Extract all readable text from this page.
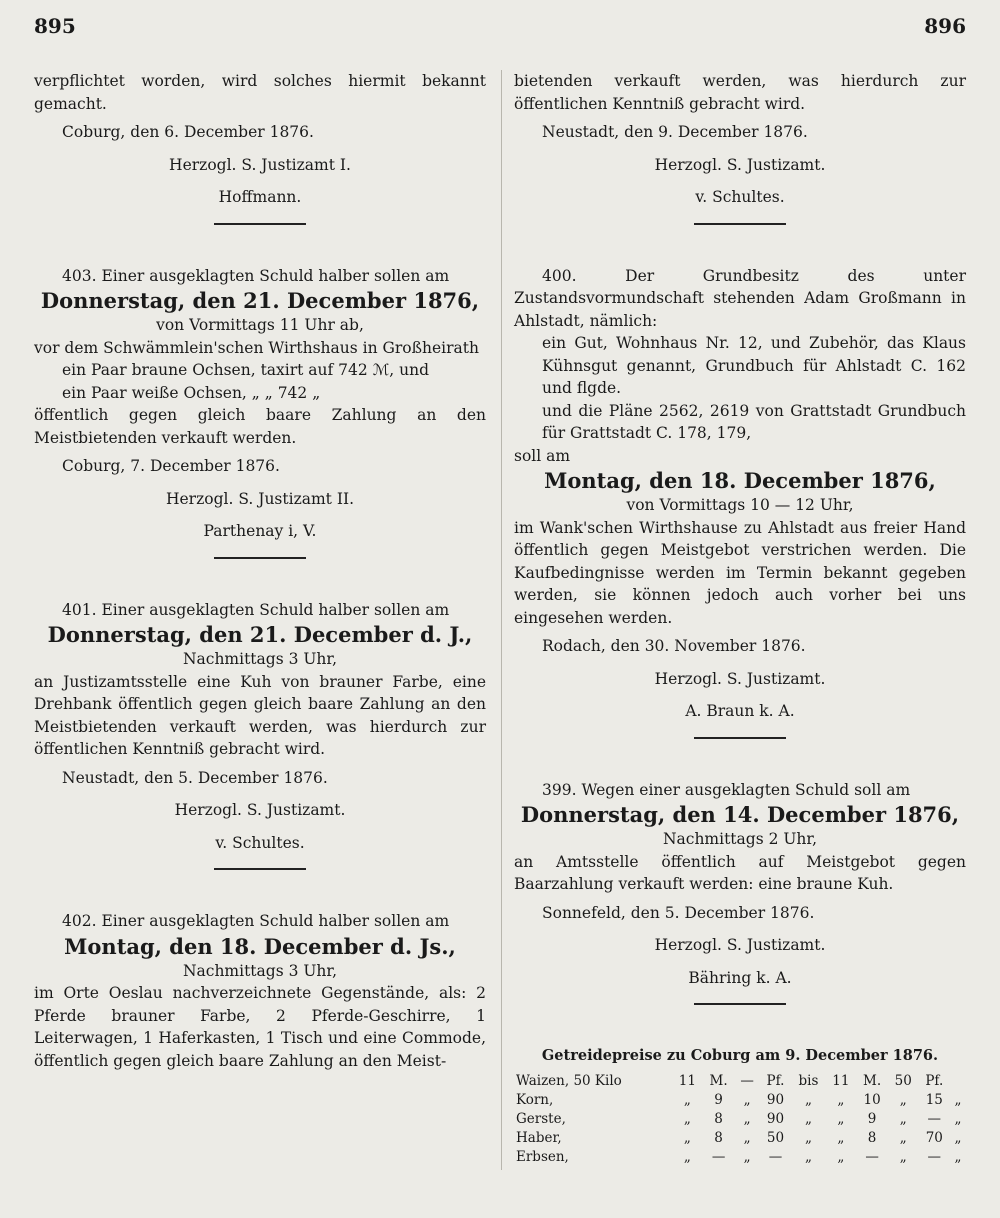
895	896

verpflichtet worden, wird solches hiermit bekannt gemacht.

Coburg, den 6. December 1876.

Herzogl. S. Justizamt I.

Hoffmann.

403. Einer ausgeklagten Schuld halber sollen am

Donnerstag, den 21. December 1876,

von Vormittags 11 Uhr ab,

vor dem Schwämmlein'schen Wirthshaus in Großheirath

ein Paar braune Ochsen, taxirt auf 742 ℳ, und

ein Paar weiße Ochsen, „ „ 742 „

öffentlich gegen gleich baare Zahlung an den Meistbietenden verkauft werden.

Coburg, 7. December 1876.

Herzogl. S. Justizamt II.

Parthenay i, V.

401. Einer ausgeklagten Schuld halber sollen am

Donnerstag, den 21. December d. J.,

Nachmittags 3 Uhr,

an Justizamtsstelle eine Kuh von brauner Farbe, eine Drehbank öffentlich gegen gleich baare Zahlung an den Meistbietenden verkauft werden, was hierdurch zur öffentlichen Kenntniß gebracht wird.

Neustadt, den 5. December 1876.

Herzogl. S. Justizamt.

v. Schultes.

402. Einer ausgeklagten Schuld halber sollen am

Montag, den 18. December d. Js.,

Nachmittags 3 Uhr,

im Orte Oeslau nachverzeichnete Gegenstände, als: 2 Pferde brauner Farbe, 2 Pferde-Geschirre, 1 Leiterwagen, 1 Haferkasten, 1 Tisch und eine Commode, öffentlich gegen gleich baare Zahlung an den Meist-

bietenden verkauft werden, was hierdurch zur öffentlichen Kenntniß gebracht wird.

Neustadt, den 9. December 1876.

Herzogl. S. Justizamt.

v. Schultes.

400. Der Grundbesitz des unter Zustandsvormundschaft stehenden Adam Großmann in Ahlstadt, nämlich:

ein Gut, Wohnhaus Nr. 12, und Zubehör, das Klaus Kühnsgut genannt, Grundbuch für Ahlstadt C. 162 und flgde.

und die Pläne 2562, 2619 von Grattstadt Grundbuch für Grattstadt C. 178, 179,

soll am

Montag, den 18. December 1876,

von Vormittags 10 — 12 Uhr,

im Wank'schen Wirthshause zu Ahlstadt aus freier Hand öffentlich gegen Meistgebot verstrichen werden. Die Kaufbedingnisse werden im Termin bekannt gegeben werden, sie können jedoch auch vorher bei uns eingesehen werden.

Rodach, den 30. November 1876.

Herzogl. S. Justizamt.

A. Braun k. A.

399. Wegen einer ausgeklagten Schuld soll am

Donnerstag, den 14. December 1876,

Nachmittags 2 Uhr,

an Amtsstelle öffentlich auf Meistgebot gegen Baarzahlung verkauft werden: eine braune Kuh.

Sonnefeld, den 5. December 1876.

Herzogl. S. Justizamt.

Bähring k. A.

Getreidepreise zu Coburg am 9. December 1876.

Waizen, 50 Kilo	11	M.	—	Pf.	bis	11	M.	50	Pf.	
Korn,	„	9	„	90	„	„	10	„	15	„
Gerste,	„	8	„	90	„	„	9	„	—	„
Haber,	„	8	„	50	„	„	8	„	70	„
Erbsen,	„	—	„	—	„	„	—	„	—	„
